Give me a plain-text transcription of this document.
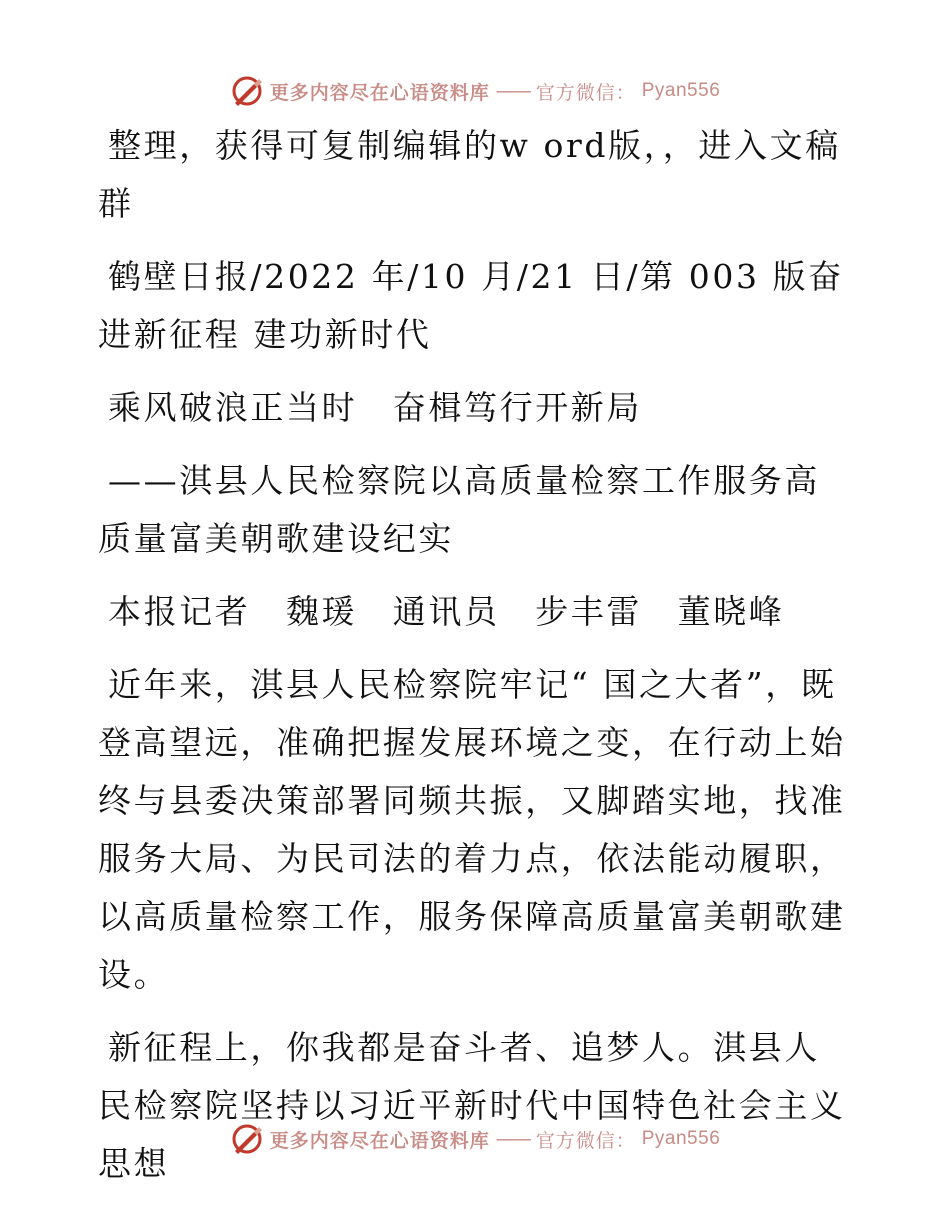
更多内容尽在心语资料库 —— 官方微信： Pyan556

整理，获得可复制编辑的w ord版，，进入文稿群

鹤壁日报/2022 年/10 月/21 日/第 003 版奋进新征程 建功新时代

乘风破浪正当时　奋楫笃行开新局

——淇县人民检察院以高质量检察工作服务高质量富美朝歌建设纪实

本报记者　魏瑗　通讯员　步丰雷　董晓峰

近年来，淇县人民检察院牢记“ 国之大者”，既登高望远，准确把握发展环境之变，在行动上始终与县委决策部署同频共振，又脚踏实地，找准服务大局、为民司法的着力点，依法能动履职，以高质量检察工作，服务保障高质量富美朝歌建设。

新征程上，你我都是奋斗者、追梦人。淇县人民检察院坚持以习近平新时代中国特色社会主义思想

更多内容尽在心语资料库 —— 官方微信： Pyan556
